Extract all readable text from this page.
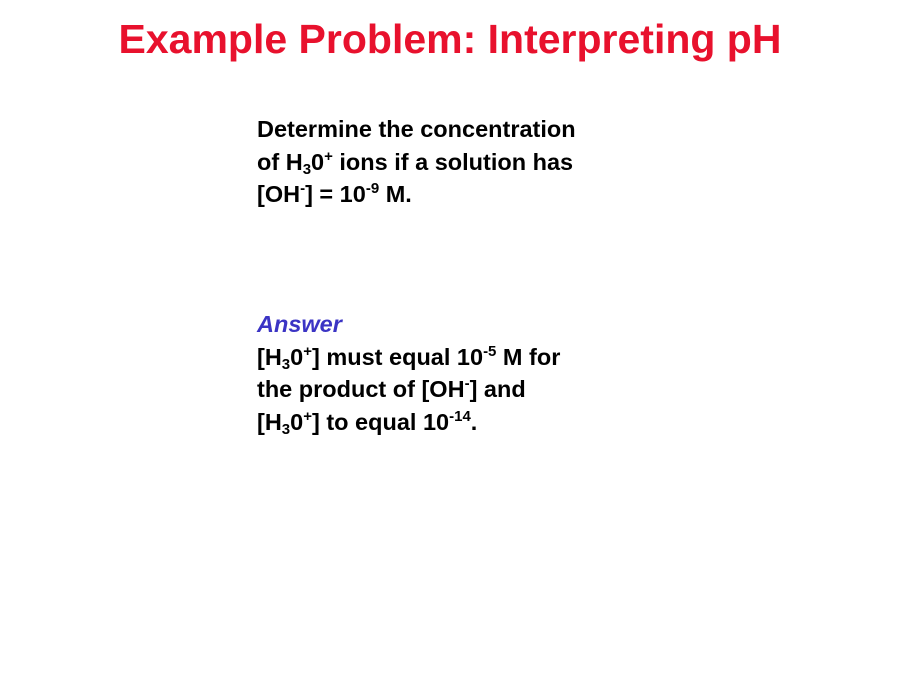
Example Problem: Interpreting pH
Determine the concentration
of $H_30^+$ ions if a solution has
$[OH^-] = 10^{-9}$ M.
Answer
$[H_30^+]$ must equal $10^{-5}$ M for
the product of [OH-] and
$[H_30^+]$ to equal $10^{-14}$.
